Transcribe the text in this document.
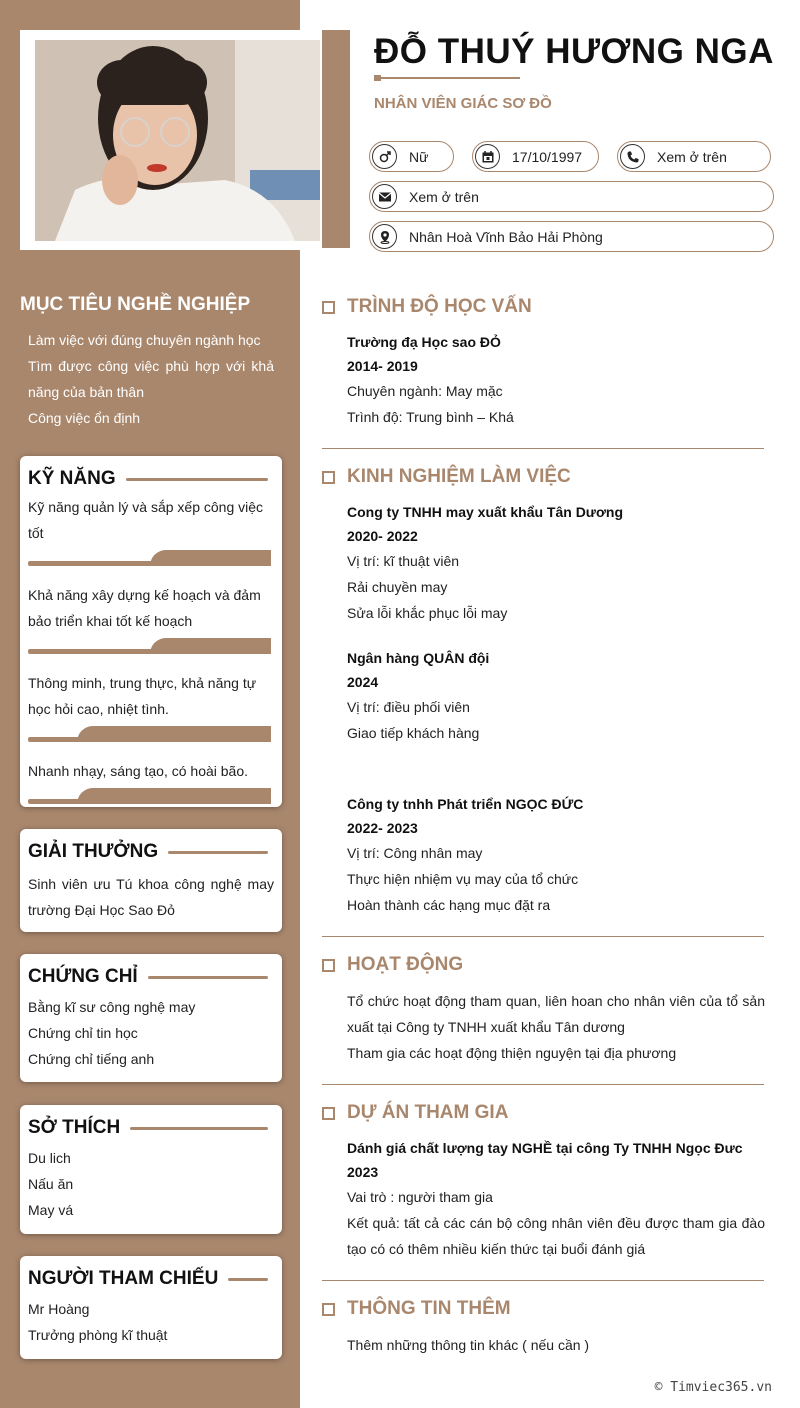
MỤC TIÊU NGHỀ NGHIỆP
Làm việc với đúng chuyên ngành học
Tìm được công việc phù hợp với khả năng của bản thân
Công việc ổn định
KỸ NĂNG
Kỹ năng quản lý và sắp xếp công việc tốt
Khả năng xây dựng kế hoạch và đảm bảo triển khai tốt kế hoạch
Thông minh, trung thực, khả năng tự học hỏi cao, nhiệt tình.
Nhanh nhạy, sáng tạo, có hoài bão.
GIẢI THƯỞNG
Sinh viên ưu Tú khoa công nghệ may trường Đại Học Sao Đỏ
CHỨNG CHỈ
Bằng kĩ sư công nghệ may
Chứng chỉ tin học
Chứng chỉ tiếng anh
SỞ THÍCH
Du lich
Nấu ăn
May vá
NGƯỜI THAM CHIẾU
Mr Hoàng
Trưởng phòng kĩ thuật
ĐỖ THUÝ HƯƠNG NGA
NHÂN VIÊN GIÁC SƠ ĐỒ
Nữ	17/10/1997	Xem ở trên
Xem ở trên
Nhân Hoà Vĩnh Bảo Hải Phòng
TRÌNH ĐỘ HỌC VẤN
Trường đạ Học sao ĐỎ
2014- 2019
Chuyên ngành: May mặc
Trình độ: Trung bình – Khá
KINH NGHIỆM LÀM VIỆC
Cong ty TNHH may xuất khẩu Tân Dương
2020- 2022
Vị trí: kĩ thuật viên
Rải chuyền may
Sửa lỗi khắc phục lỗi may
Ngân hàng QUÂN đội
2024
Vị trí: điều phối viên
Giao tiếp khách hàng
Công ty tnhh Phát triển NGỌC ĐỨC
2022- 2023
Vị trí: Công nhân may
Thực hiện nhiệm vụ may của tổ chức
Hoàn thành các hạng mục đặt ra
HOẠT ĐỘNG
Tổ chức hoạt động tham quan, liên hoan cho nhân viên của tổ sản xuất tại Công ty TNHH xuất khẩu Tân dương
Tham gia các hoạt động thiện nguyện tại địa phương
DỰ ÁN THAM GIA
Dánh giá chất lượng tay NGHỀ tại công Ty TNHH Ngọc Đưc
2023
Vai trò : người tham gia
Kết quả: tất cả các cán bộ công nhân viên đều được tham gia đào tạo có có thêm nhiều kiến thức tại buổi đánh giá
THÔNG TIN THÊM
Thêm những thông tin khác ( nếu cần )
© Timviec365.vn
